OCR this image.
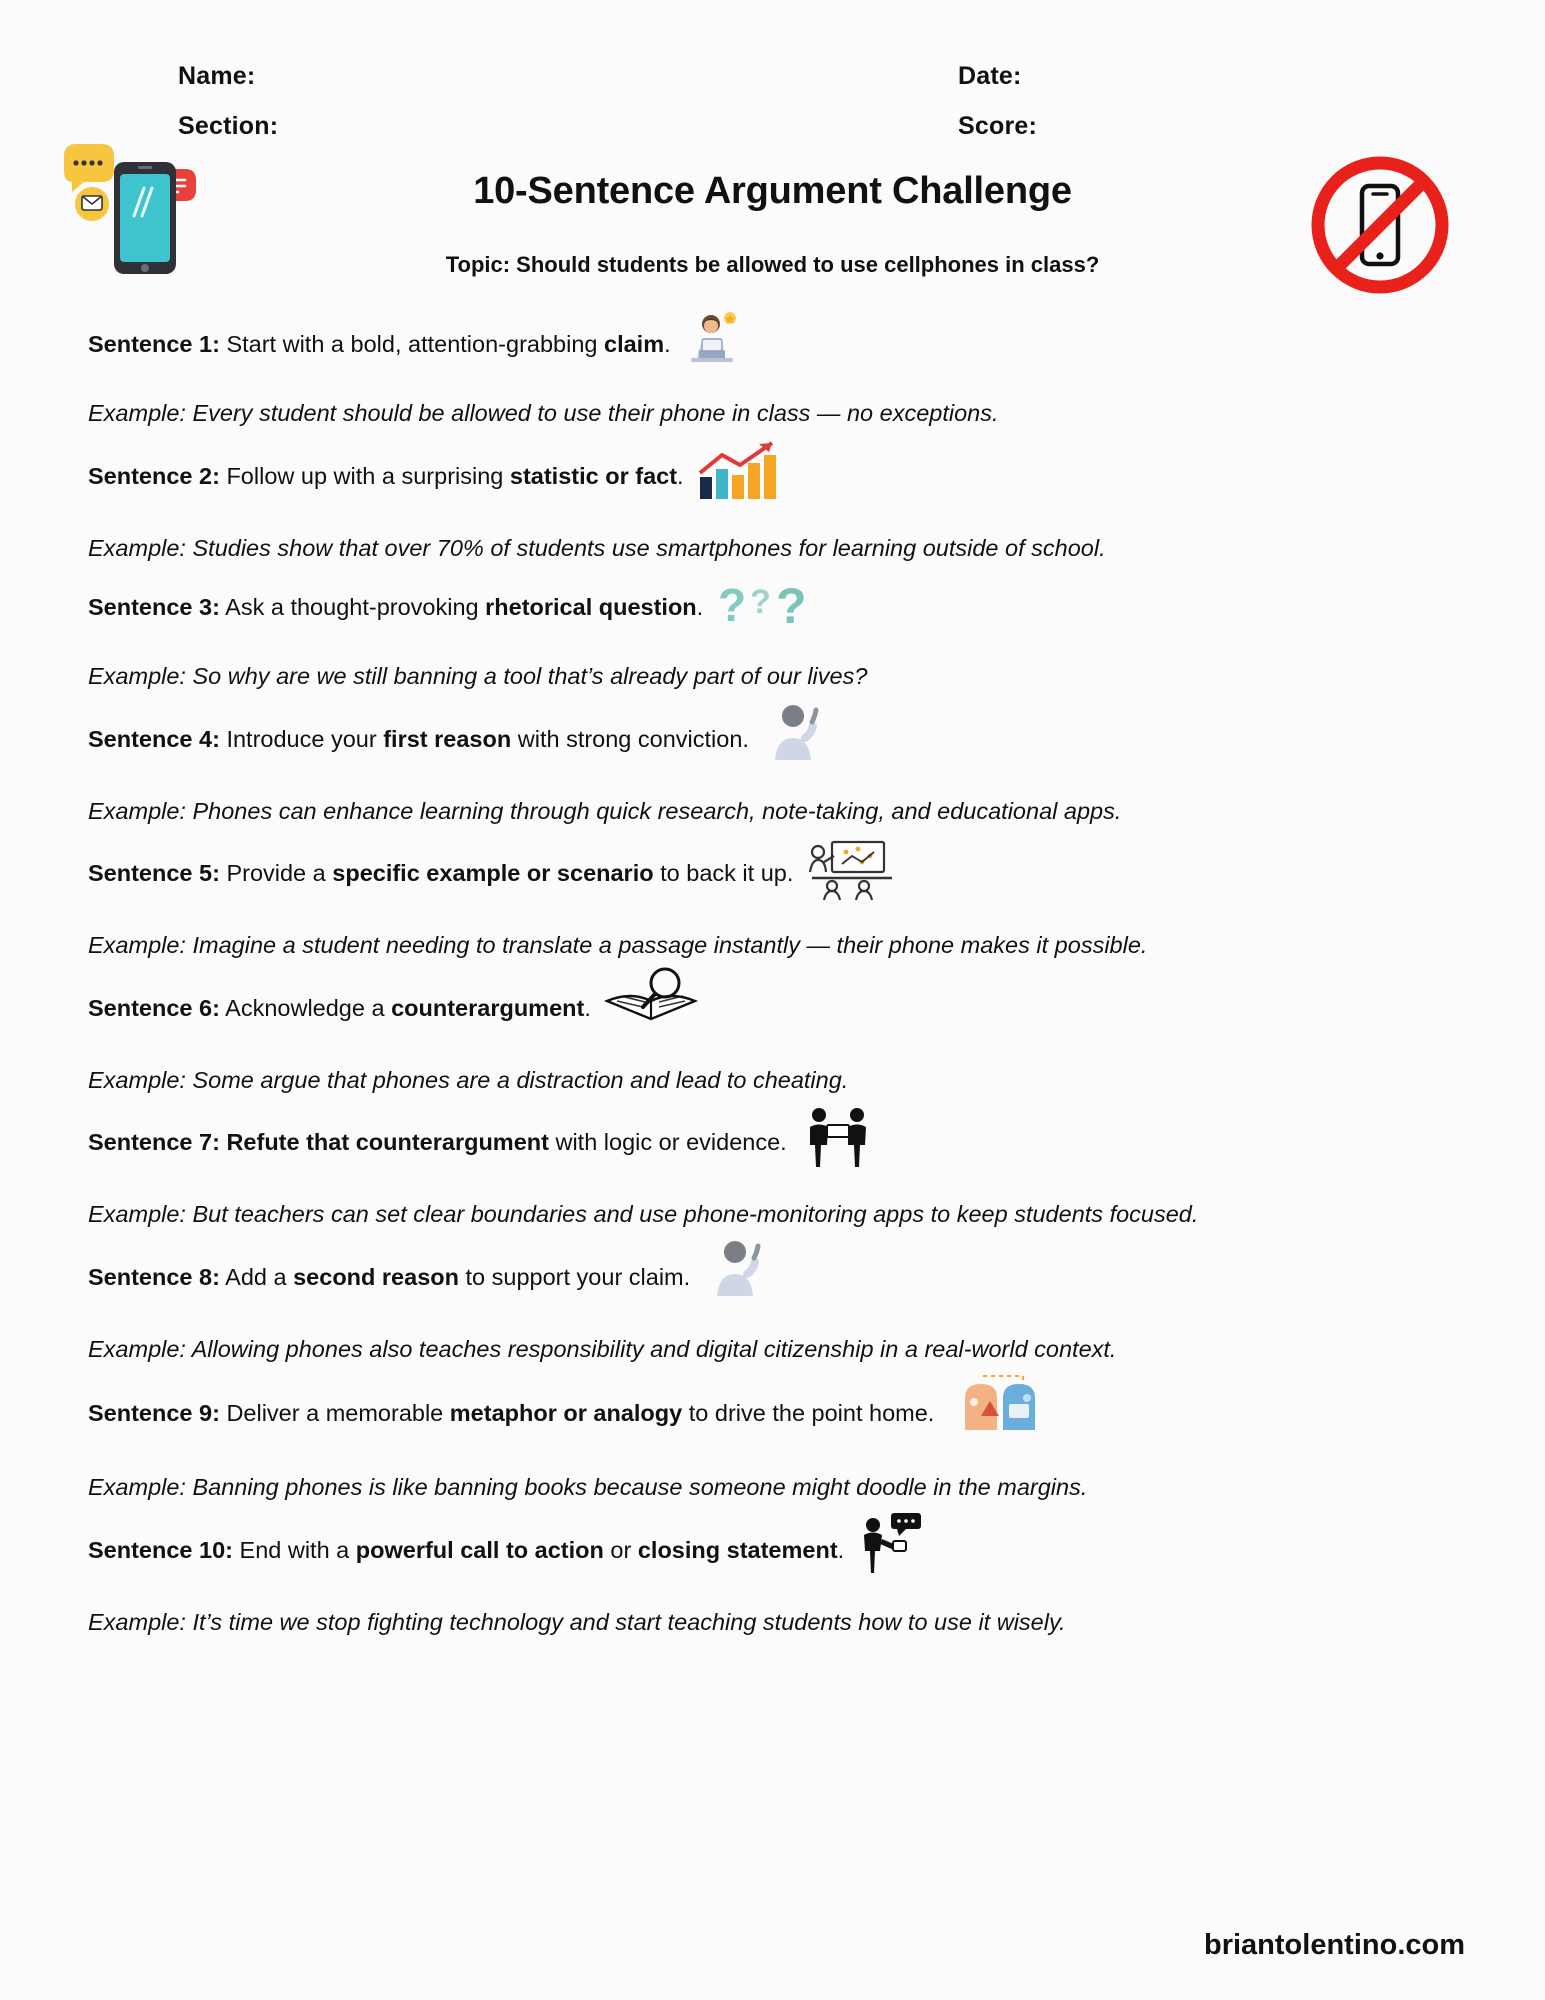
Name:	Date:
Section:	Score:
10-Sentence Argument Challenge
Topic: Should students be allowed to use cellphones in class?
Sentence 1: Start with a bold, attention-grabbing claim.
Example: Every student should be allowed to use their phone in class — no exceptions.
Sentence 2: Follow up with a surprising statistic or fact.
Example: Studies show that over 70% of students use smartphones for learning outside of school.
Sentence 3: Ask a thought-provoking rhetorical question. ? ? ?
Example: So why are we still banning a tool that’s already part of our lives?
Sentence 4: Introduce your first reason with strong conviction.
Example: Phones can enhance learning through quick research, note-taking, and educational apps.
Sentence 5: Provide a specific example or scenario to back it up.
Example: Imagine a student needing to translate a passage instantly — their phone makes it possible.
Sentence 6: Acknowledge a counterargument.
Example: Some argue that phones are a distraction and lead to cheating.
Sentence 7: Refute that counterargument with logic or evidence.
Example: But teachers can set clear boundaries and use phone-monitoring apps to keep students focused.
Sentence 8: Add a second reason to support your claim.
Example: Allowing phones also teaches responsibility and digital citizenship in a real-world context.
Sentence 9: Deliver a memorable metaphor or analogy to drive the point home.
Example: Banning phones is like banning books because someone might doodle in the margins.
Sentence 10: End with a powerful call to action or closing statement.
Example: It’s time we stop fighting technology and start teaching students how to use it wisely.
briantolentino.com
